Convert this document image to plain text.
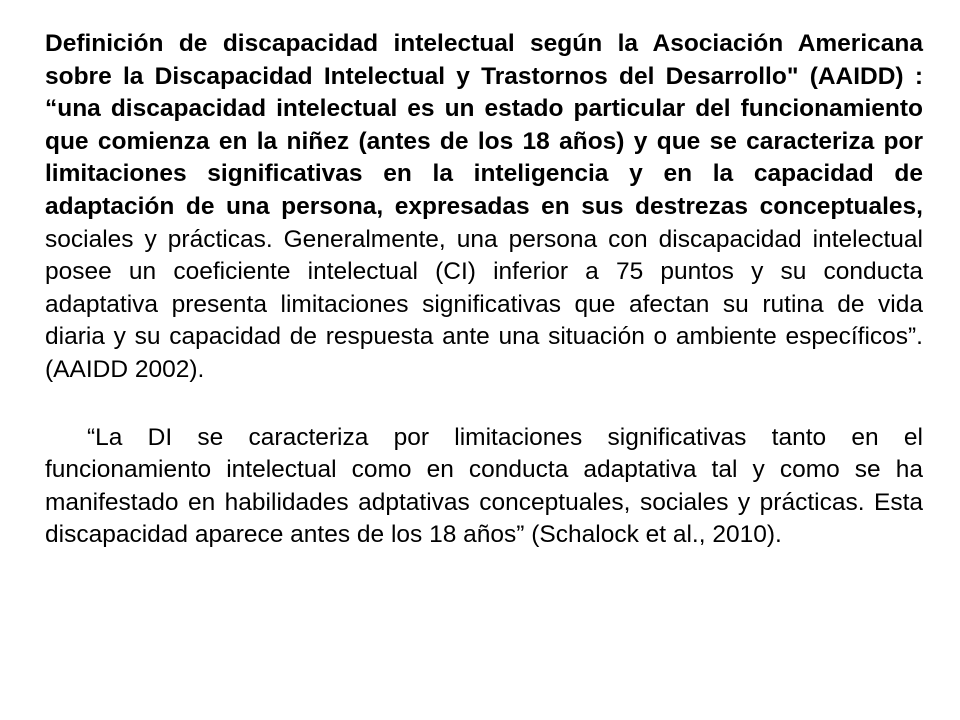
Definición de discapacidad intelectual según la Asociación Americana sobre la Discapacidad Intelectual y Trastornos del Desarrollo" (AAIDD) : “una discapacidad intelectual es un estado particular del funcionamiento que comienza en la niñez (antes de los 18 años) y que se caracteriza por limitaciones significativas en la inteligencia y en la capacidad de adaptación de una persona, expresadas en sus destrezas conceptuales, sociales y prácticas. Generalmente, una persona con discapacidad intelectual posee un coeficiente intelectual (CI) inferior a 75 puntos y su conducta adaptativa presenta limitaciones significativas que afectan su rutina de vida diaria y su capacidad de respuesta ante una situación o ambiente específicos”. (AAIDD 2002).

“La DI se caracteriza por limitaciones significativas tanto en el funcionamiento intelectual como en conducta adaptativa tal y como se ha manifestado en habilidades adptativas conceptuales, sociales y prácticas. Esta discapacidad aparece antes de los 18 años” (Schalock et al., 2010).
